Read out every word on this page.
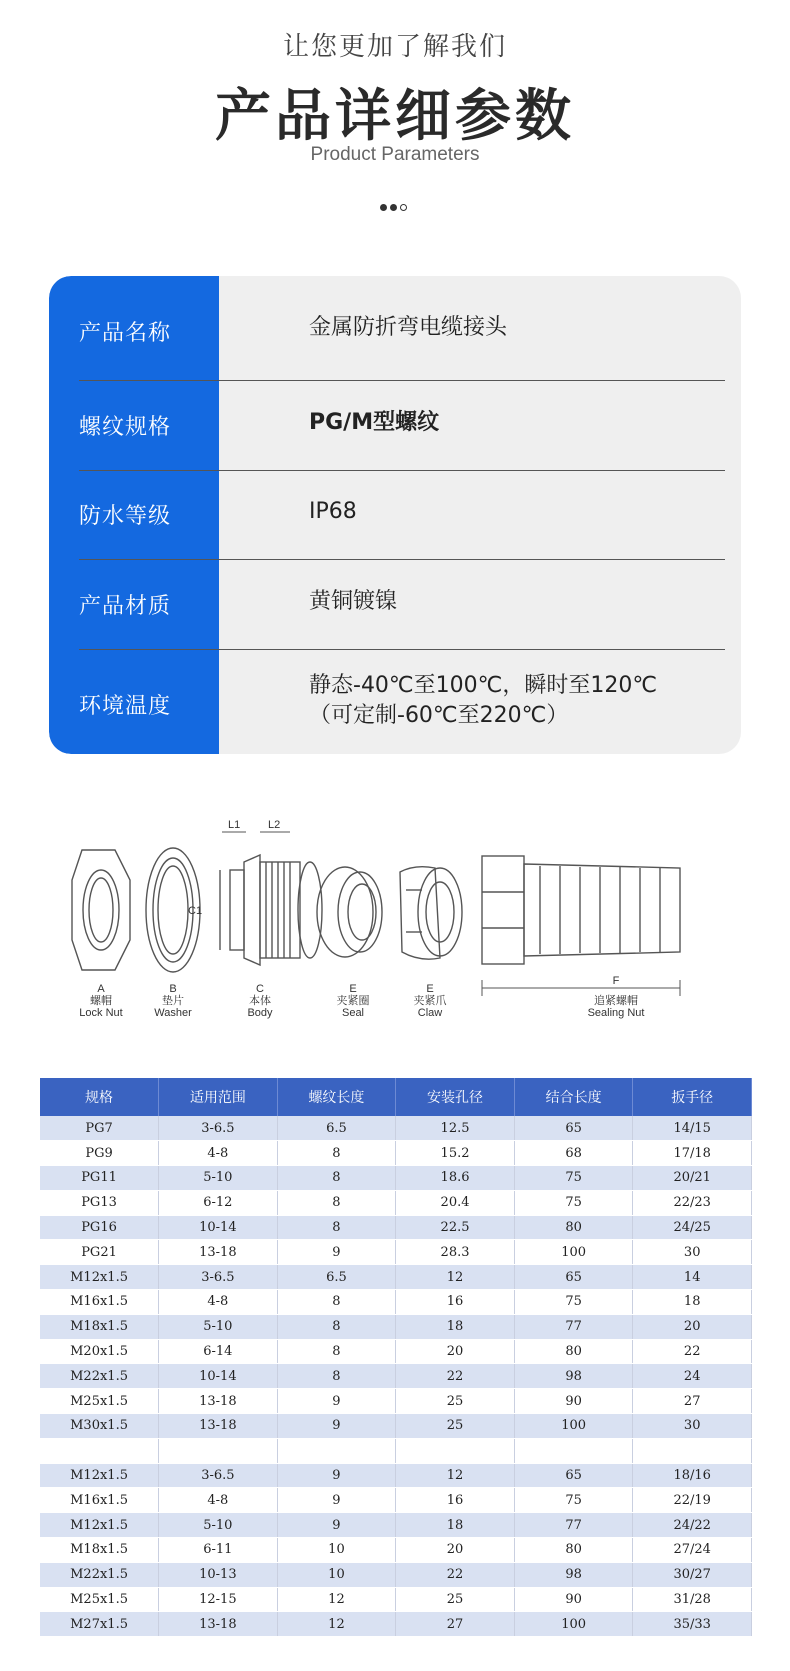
让您更加了解我们
产品详细参数
Product Parameters
产品名称	金属防折弯电缆接头
螺纹规格	PG/M型螺纹
防水等级	IP68
产品材质	黄铜镀镍
环境温度
静态-40℃至100℃，瞬时至120℃
（可定制-60℃至220℃）
L1	L2
C1
A
螺帽
Lock Nut
B
垫片
Washer
C
本体
Body
E
夹紧圈
Seal
E
夹紧爪
Claw
F
追紧螺帽
Sealing Nut
规格	适用范围	螺纹长度	安装孔径	结合长度	扳手径
PG7	3-6.5	6.5	12.5	65	14/15
PG9	4-8	8	15.2	68	17/18
PG11	5-10	8	18.6	75	20/21
PG13	6-12	8	20.4	75	22/23
PG16	10-14	8	22.5	80	24/25
PG21	13-18	9	28.3	100	30
M12x1.5	3-6.5	6.5	12	65	14
M16x1.5	4-8	8	16	75	18
M18x1.5	5-10	8	18	77	20
M20x1.5	6-14	8	20	80	22
M22x1.5	10-14	8	22	98	24
M25x1.5	13-18	9	25	90	27
M30x1.5	13-18	9	25	100	30

M12x1.5	3-6.5	9	12	65	18/16
M16x1.5	4-8	9	16	75	22/19
M12x1.5	5-10	9	18	77	24/22
M18x1.5	6-11	10	20	80	27/24
M22x1.5	10-13	10	22	98	30/27
M25x1.5	12-15	12	25	90	31/28
M27x1.5	13-18	12	27	100	35/33
